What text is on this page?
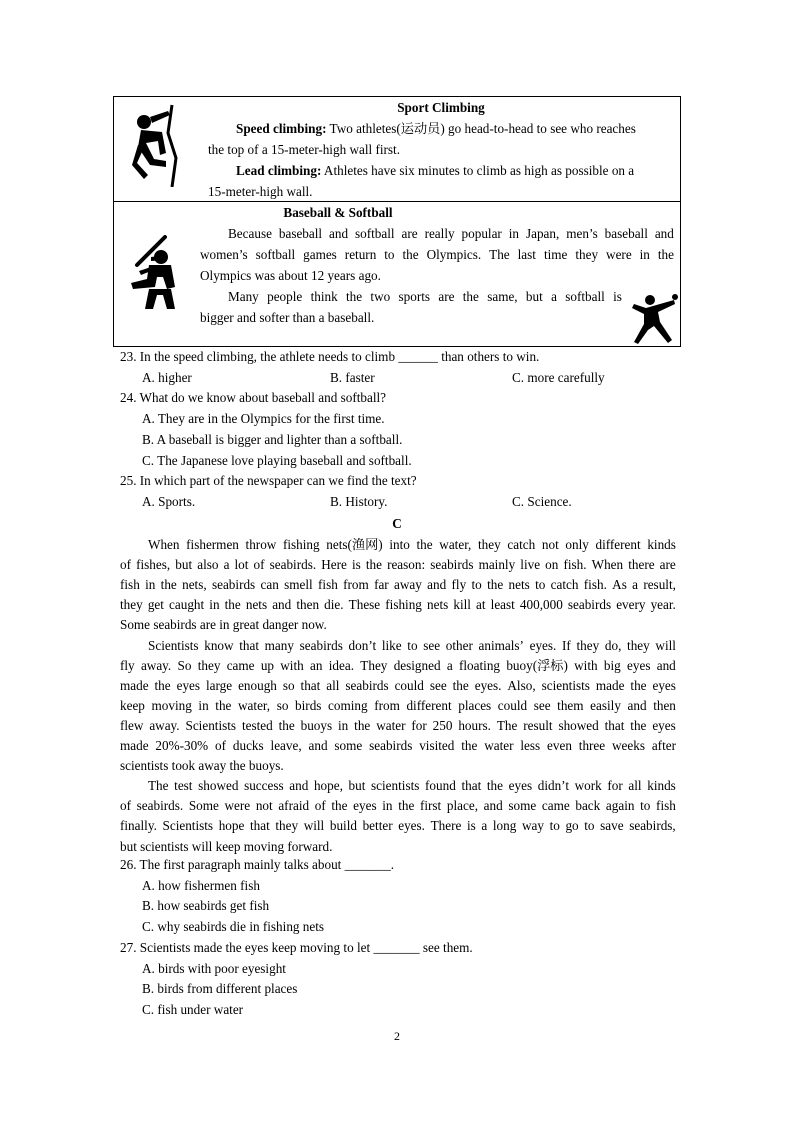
Sport Climbing
Speed climbing: Two athletes(运动员) go head-to-head to see who reaches
the top of a 15-meter-high wall first.
Lead climbing: Athletes have six minutes to climb as high as possible on a
15-meter-high wall.
Baseball & Softball
Because baseball and softball are really popular in Japan, men’s baseball and
women’s softball games return to the Olympics. The last time they were in the
Olympics was about 12 years ago.
Many people think the two sports are the same, but a softball is
bigger and softer than a baseball.
23. In the speed climbing, the athlete needs to climb ______ than others to win.
A. higher	B. faster	C. more carefully
24. What do we know about baseball and softball?
A. They are in the Olympics for the first time.
B. A baseball is bigger and lighter than a softball.
C. The Japanese love playing baseball and softball.
25. In which part of the newspaper can we find the text?
A. Sports.	B. History.	C. Science.
C
When fishermen throw fishing nets(渔网) into the water, they catch not only different kinds
of fishes, but also a lot of seabirds. Here is the reason: seabirds mainly live on fish. When there are
fish in the nets, seabirds can smell fish from far away and fly to the nets to catch fish. As a result,
they get caught in the nets and then die. These fishing nets kill at least 400,000 seabirds every year.
Some seabirds are in great danger now.
Scientists know that many seabirds don’t like to see other animals’ eyes. If they do, they will
fly away. So they came up with an idea. They designed a floating buoy(浮标) with big eyes and
made the eyes large enough so that all seabirds could see the eyes. Also, scientists made the eyes
keep moving in the water, so birds coming from different places could see them easily and then
flew away. Scientists tested the buoys in the water for 250 hours. The result showed that the eyes
made 20%-30% of ducks leave, and some seabirds visited the water less even three weeks after
scientists took away the buoys.
The test showed success and hope, but scientists found that the eyes didn’t work for all kinds
of seabirds. Some were not afraid of the eyes in the first place, and some came back again to fish
finally. Scientists hope that they will build better eyes. There is a long way to go to save seabirds,
but scientists will keep moving forward.
26. The first paragraph mainly talks about _______.
A. how fishermen fish
B. how seabirds get fish
C. why seabirds die in fishing nets
27. Scientists made the eyes keep moving to let _______ see them.
A. birds with poor eyesight
B. birds from different places
C. fish under water
2
